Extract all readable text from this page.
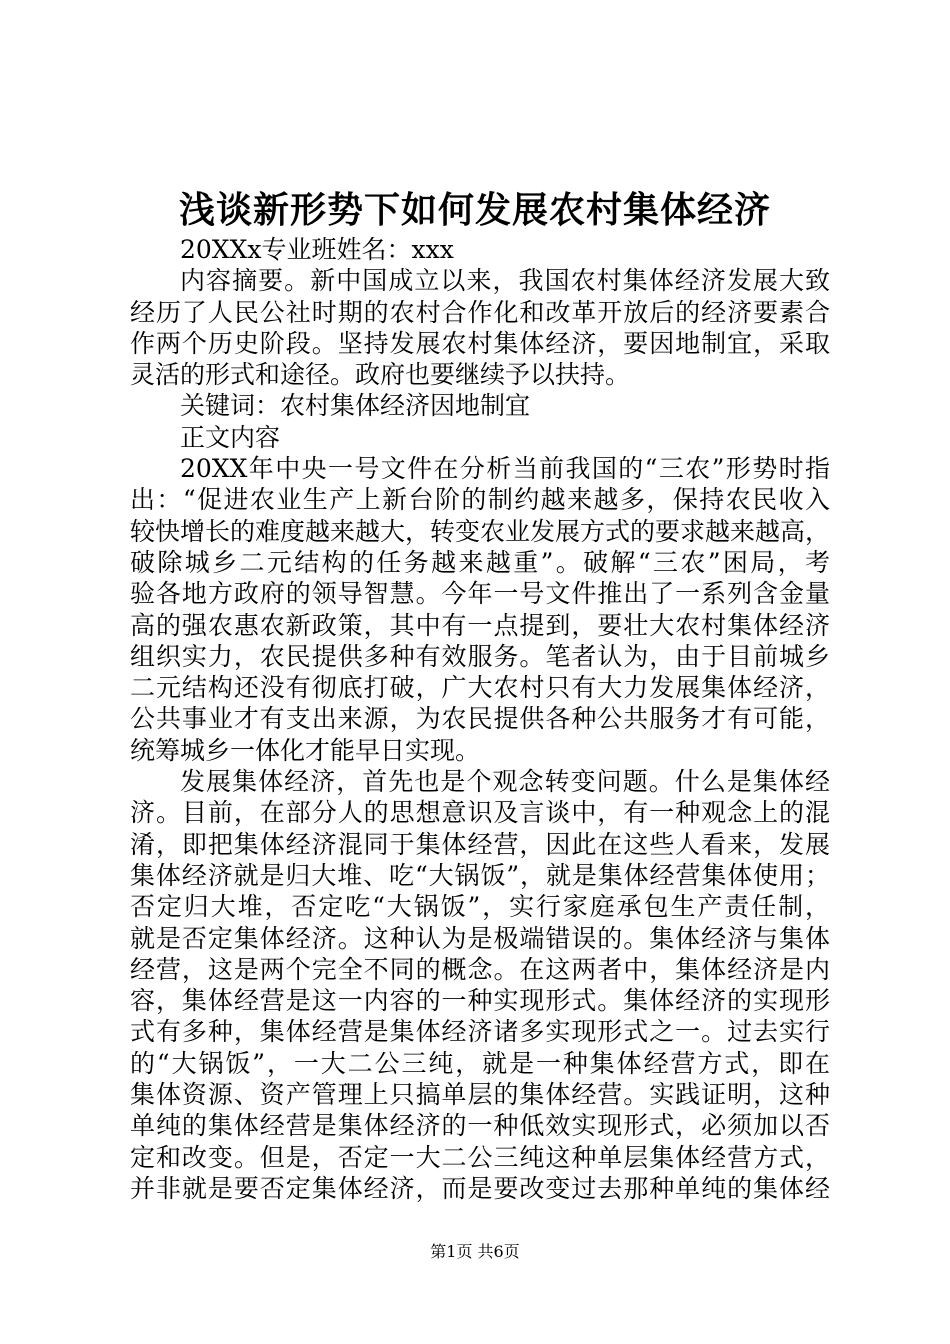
浅谈新形势下如何发展农村集体经济
20XXx专业班姓名：xxx
内容摘要。新中国成立以来，我国农村集体经济发展大致
经历了人民公社时期的农村合作化和改革开放后的经济要素合
作两个历史阶段。坚持发展农村集体经济，要因地制宜，采取
灵活的形式和途径。政府也要继续予以扶持。
关键词：农村集体经济因地制宜
正文内容
20XX年中央一号文件在分析当前我国的“三农”形势时指
出：“促进农业生产上新台阶的制约越来越多，保持农民收入
较快增长的难度越来越大，转变农业发展方式的要求越来越高，
破除城乡二元结构的任务越来越重”。破解“三农”困局，考
验各地方政府的领导智慧。今年一号文件推出了一系列含金量
高的强农惠农新政策，其中有一点提到，要壮大农村集体经济
组织实力，农民提供多种有效服务。笔者认为，由于目前城乡
二元结构还没有彻底打破，广大农村只有大力发展集体经济，
公共事业才有支出来源，为农民提供各种公共服务才有可能，
统筹城乡一体化才能早日实现。
发展集体经济，首先也是个观念转变问题。什么是集体经
济。目前，在部分人的思想意识及言谈中，有一种观念上的混
淆，即把集体经济混同于集体经营，因此在这些人看来，发展
集体经济就是归大堆、吃“大锅饭”，就是集体经营集体使用；
否定归大堆，否定吃“大锅饭”，实行家庭承包生产责任制，
就是否定集体经济。这种认为是极端错误的。集体经济与集体
经营，这是两个完全不同的概念。在这两者中，集体经济是内
容，集体经营是这一内容的一种实现形式。集体经济的实现形
式有多种，集体经营是集体经济诸多实现形式之一。过去实行
的“大锅饭”，一大二公三纯，就是一种集体经营方式，即在
集体资源、资产管理上只搞单层的集体经营。实践证明，这种
单纯的集体经营是集体经济的一种低效实现形式，必须加以否
定和改变。但是，否定一大二公三纯这种单层集体经营方式，
并非就是要否定集体经济，而是要改变过去那种单纯的集体经
第1页 共6页
